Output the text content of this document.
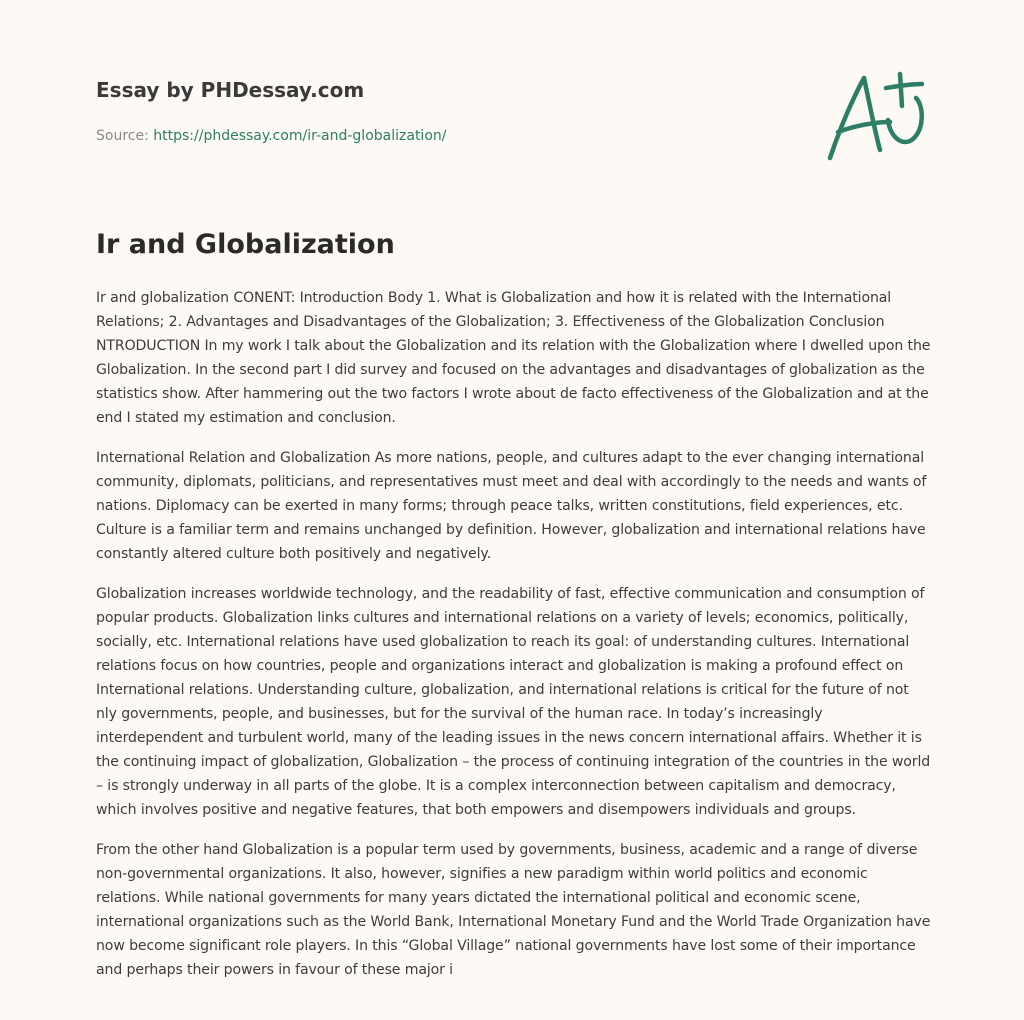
Essay by PHDessay.com
Source: https://phdessay.com/ir-and-globalization/
Ir and Globalization

Ir and globalization CONENT: Introduction Body 1. What is Globalization and how it is related with the International Relations; 2. Advantages and Disadvantages of the Globalization; 3. Effectiveness of the Globalization Conclusion NTRODUCTION In my work I talk about the Globalization and its relation with the Globalization where I dwelled upon the Globalization. In the second part I did survey and focused on the advantages and disadvantages of globalization as the statistics show. After hammering out the two factors I wrote about de facto effectiveness of the Globalization and at the end I stated my estimation and conclusion.

International Relation and Globalization As more nations, people, and cultures adapt to the ever changing international community, diplomats, politicians, and representatives must meet and deal with accordingly to the needs and wants of nations. Diplomacy can be exerted in many forms; through peace talks, written constitutions, field experiences, etc. Culture is a familiar term and remains unchanged by definition. However, globalization and international relations have constantly altered culture both positively and negatively.

Globalization increases worldwide technology, and the readability of fast, effective communication and consumption of popular products. Globalization links cultures and international relations on a variety of levels; economics, politically, socially, etc. International relations have used globalization to reach its goal: of understanding cultures. International relations focus on how countries, people and organizations interact and globalization is making a profound effect on International relations. Understanding culture, globalization, and international relations is critical for the future of not nly governments, people, and businesses, but for the survival of the human race. In today’s increasingly interdependent and turbulent world, many of the leading issues in the news concern international affairs. Whether it is the continuing impact of globalization, Globalization – the process of continuing integration of the countries in the world – is strongly underway in all parts of the globe. It is a complex interconnection between capitalism and democracy, which involves positive and negative features, that both empowers and disempowers individuals and groups.

From the other hand Globalization is a popular term used by governments, business, academic and a range of diverse non-governmental organizations. It also, however, signifies a new paradigm within world politics and economic relations. While national governments for many years dictated the international political and economic scene, international organizations such as the World Bank, International Monetary Fund and the World Trade Organization have now become significant role players. In this “Global Village” national governments have lost some of their importance and perhaps their powers in favour of these major i
